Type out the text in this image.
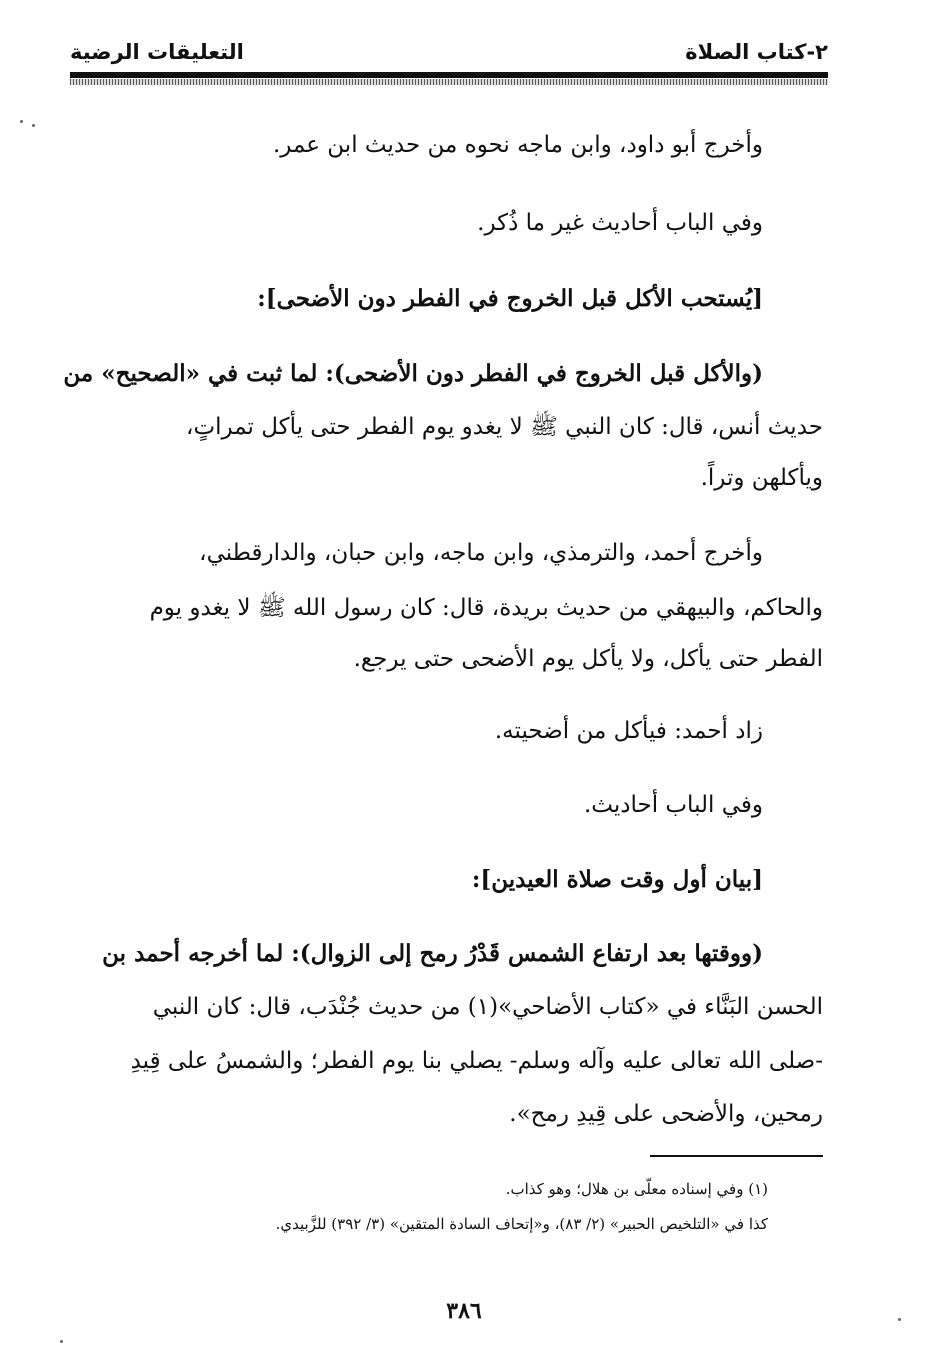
٢-كتاب الصلاة
التعليقات الرضية
وأخرج أبو داود، وابن ماجه نحوه من حديث ابن عمر.
وفي الباب أحاديث غير ما ذُكر.
[يُستحب الأكل قبل الخروج في الفطر دون الأضحى]:
(والأكل قبل الخروج في الفطر دون الأضحى): لما ثبت في «الصحيح» من
حديث أنس، قال: كان النبي ﷺ لا يغدو يوم الفطر حتى يأكل تمراتٍ،
ويأكلهن وتراً.
وأخرج أحمد، والترمذي، وابن ماجه، وابن حبان، والدارقطني،
والحاكم، والبيهقي من حديث بريدة، قال: كان رسول الله ﷺ لا يغدو يوم
الفطر حتى يأكل، ولا يأكل يوم الأضحى حتى يرجع.
زاد أحمد: فيأكل من أضحيته.
وفي الباب أحاديث.
[بيان أول وقت صلاة العيدين]:
(ووقتها بعد ارتفاع الشمس قَدْرُ رمح إلى الزوال): لما أخرجه أحمد بن
الحسن البَنَّاء في «كتاب الأضاحي»(١) من حديث جُنْدَب، قال: كان النبي
-صلى الله تعالى عليه وآله وسلم- يصلي بنا يوم الفطر؛ والشمسُ على قِيدِ
رمحين، والأضحى على قِيدِ رمح».
(١) وفي إسناده معلّى بن هلال؛ وهو كذاب.
كذا في «التلخيص الحبير» (٢/ ٨٣)، و«إتحاف السادة المتقين» (٣/ ٣٩٢) للزَّبيدي.
٣٨٦
